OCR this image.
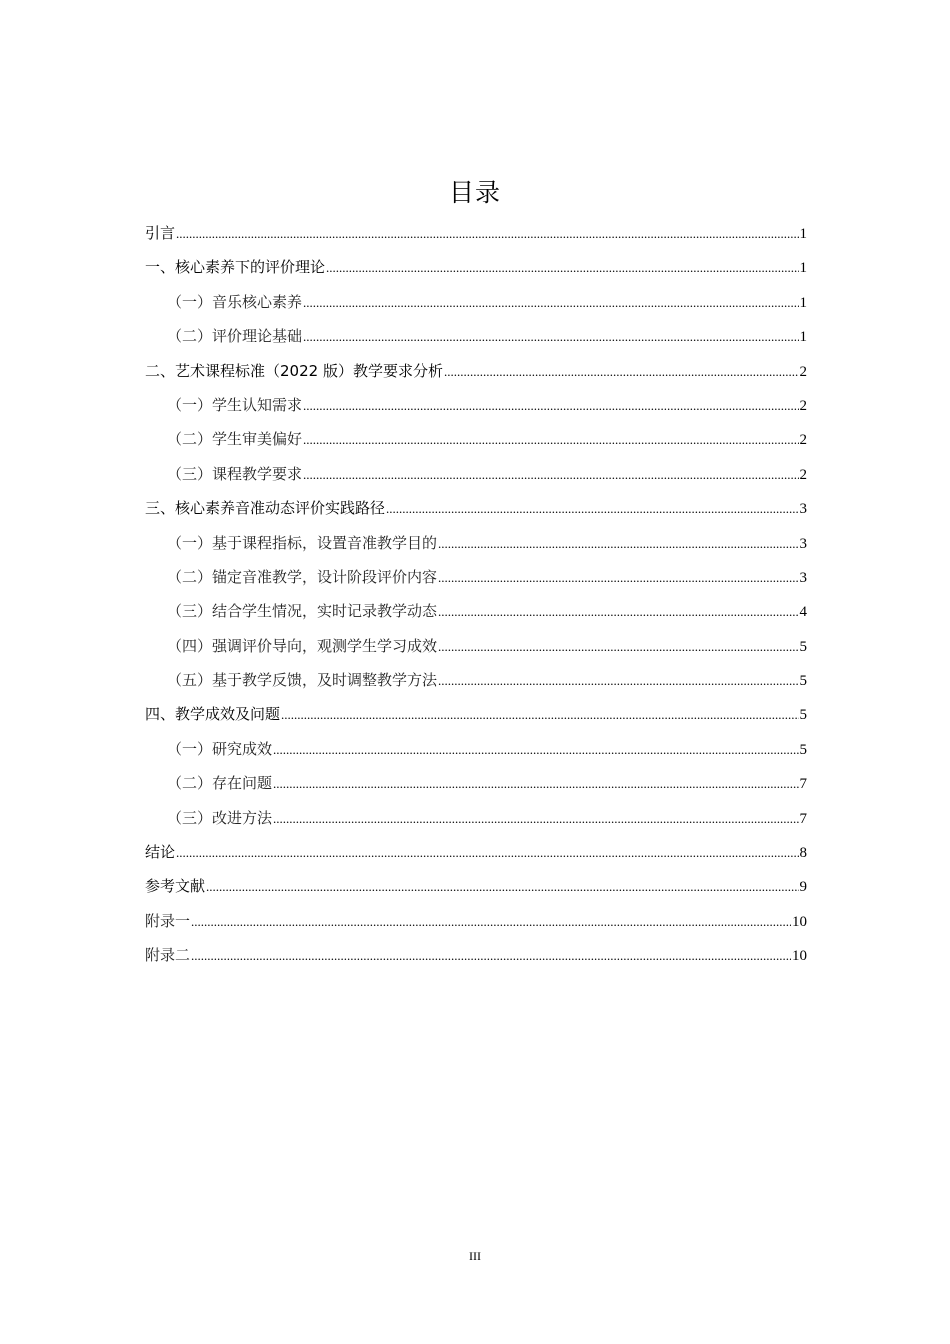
目录
引言 .....	1
一、核心素养下的评价理论 .....	1
（一）音乐核心素养 .....	1
（二）评价理论基础 .....	1
二、艺术课程标准（2022 版）教学要求分析 .....	2
（一）学生认知需求 .....	2
（二）学生审美偏好 .....	2
（三）课程教学要求 .....	2
三、核心素养音准动态评价实践路径 .....	3
（一）基于课程指标，设置音准教学目的 .....	3
（二）锚定音准教学，设计阶段评价内容 .....	3
（三）结合学生情况，实时记录教学动态 .....	4
（四）强调评价导向，观测学生学习成效 .....	5
（五）基于教学反馈，及时调整教学方法 .....	5
四、教学成效及问题 .....	5
（一）研究成效 .....	5
（二）存在问题 .....	7
（三）改进方法 .....	7
结论 .....	8
参考文献 .....	9
附录一 .....	10
附录二 .....	10
III
